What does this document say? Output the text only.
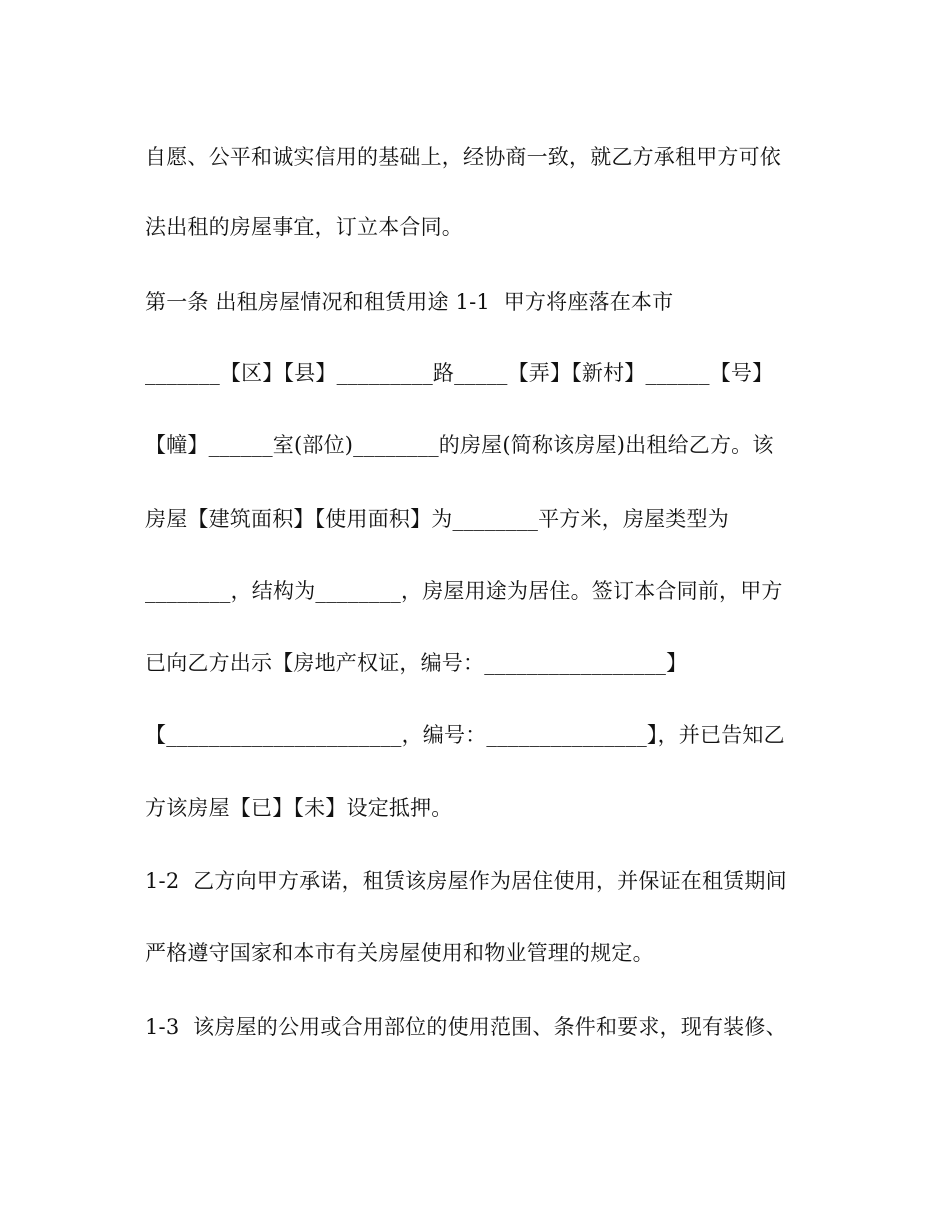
自愿、公平和诚实信用的基础上，经协商一致，就乙方承租甲方可依
法出租的房屋事宜，订立本合同。
第一条 出租房屋情况和租赁用途 1-1  甲方将座落在本市
_______【区】【县】_________路_____【弄】【新村】______【号】
【幢】______室(部位)________的房屋(简称该房屋)出租给乙方。该
房屋【建筑面积】【使用面积】为________平方米，房屋类型为
________，结构为________，房屋用途为居住。签订本合同前，甲方
已向乙方出示【房地产权证，编号：_________________】
【______________________，编号：_______________】，并已告知乙
方该房屋【已】【未】设定抵押。
1-2  乙方向甲方承诺，租赁该房屋作为居住使用，并保证在租赁期间
严格遵守国家和本市有关房屋使用和物业管理的规定。
1-3  该房屋的公用或合用部位的使用范围、条件和要求，现有装修、
